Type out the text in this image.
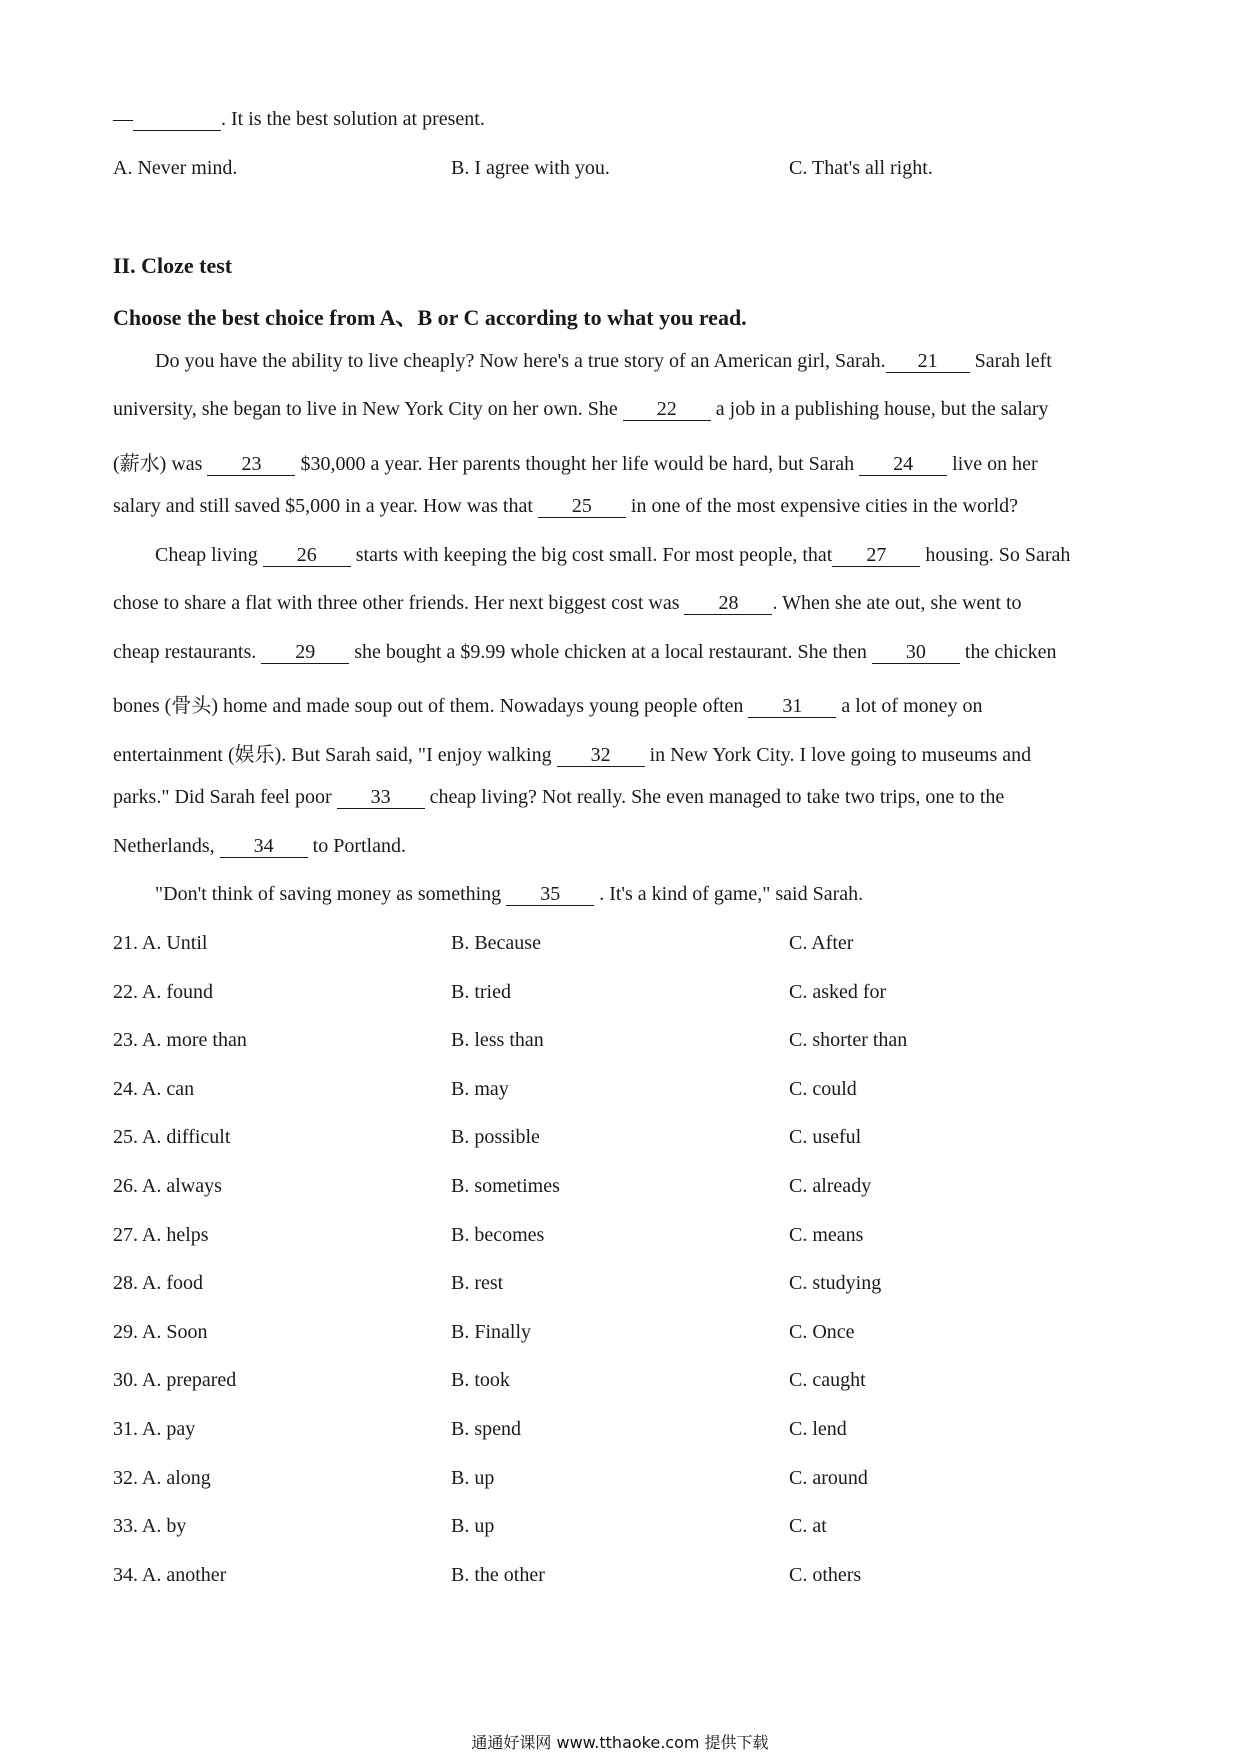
—	. It is the best solution at present.
A. Never mind.	B. I agree with you.	C. That's all right.
II. Cloze test
Choose the best choice from A、B or C according to what you read.
Do you have the ability to live cheaply? Now here's a true story of an American girl, Sarah. 21 Sarah left
university, she began to live in New York City on her own. She 22 a job in a publishing house, but the salary
(薪水) was 23 $30,000 a year. Her parents thought her life would be hard, but Sarah 24 live on her
salary and still saved $5,000 in a year. How was that 25 in one of the most expensive cities in the world?
Cheap living 26 starts with keeping the big cost small. For most people, that 27 housing. So Sarah
chose to share a flat with three other friends. Her next biggest cost was 28 . When she ate out, she went to
cheap restaurants. 29 she bought a $9.99 whole chicken at a local restaurant. She then 30 the chicken
bones (骨头) home and made soup out of them. Nowadays young people often 31 a lot of money on
entertainment (娱乐). But Sarah said, "I enjoy walking 32 in New York City. I love going to museums and
parks." Did Sarah feel poor 33 cheap living? Not really. She even managed to take two trips, one to the
Netherlands, 34 to Portland.
"Don't think of saving money as something 35 . It's a kind of game," said Sarah.
21. A. Until	B. Because	C. After
22. A. found	B. tried	C. asked for
23. A. more than	B. less than	C. shorter than
24. A. can	B. may	C. could
25. A. difficult	B. possible	C. useful
26. A. always	B. sometimes	C. already
27. A. helps	B. becomes	C. means
28. A. food	B. rest	C. studying
29. A. Soon	B. Finally	C. Once
30. A. prepared	B. took	C. caught
31. A. pay	B. spend	C. lend
32. A. along	B. up	C. around
33. A. by	B. up	C. at
34. A. another	B. the other	C. others
通通好课网 www.tthaoke.com 提供下载
